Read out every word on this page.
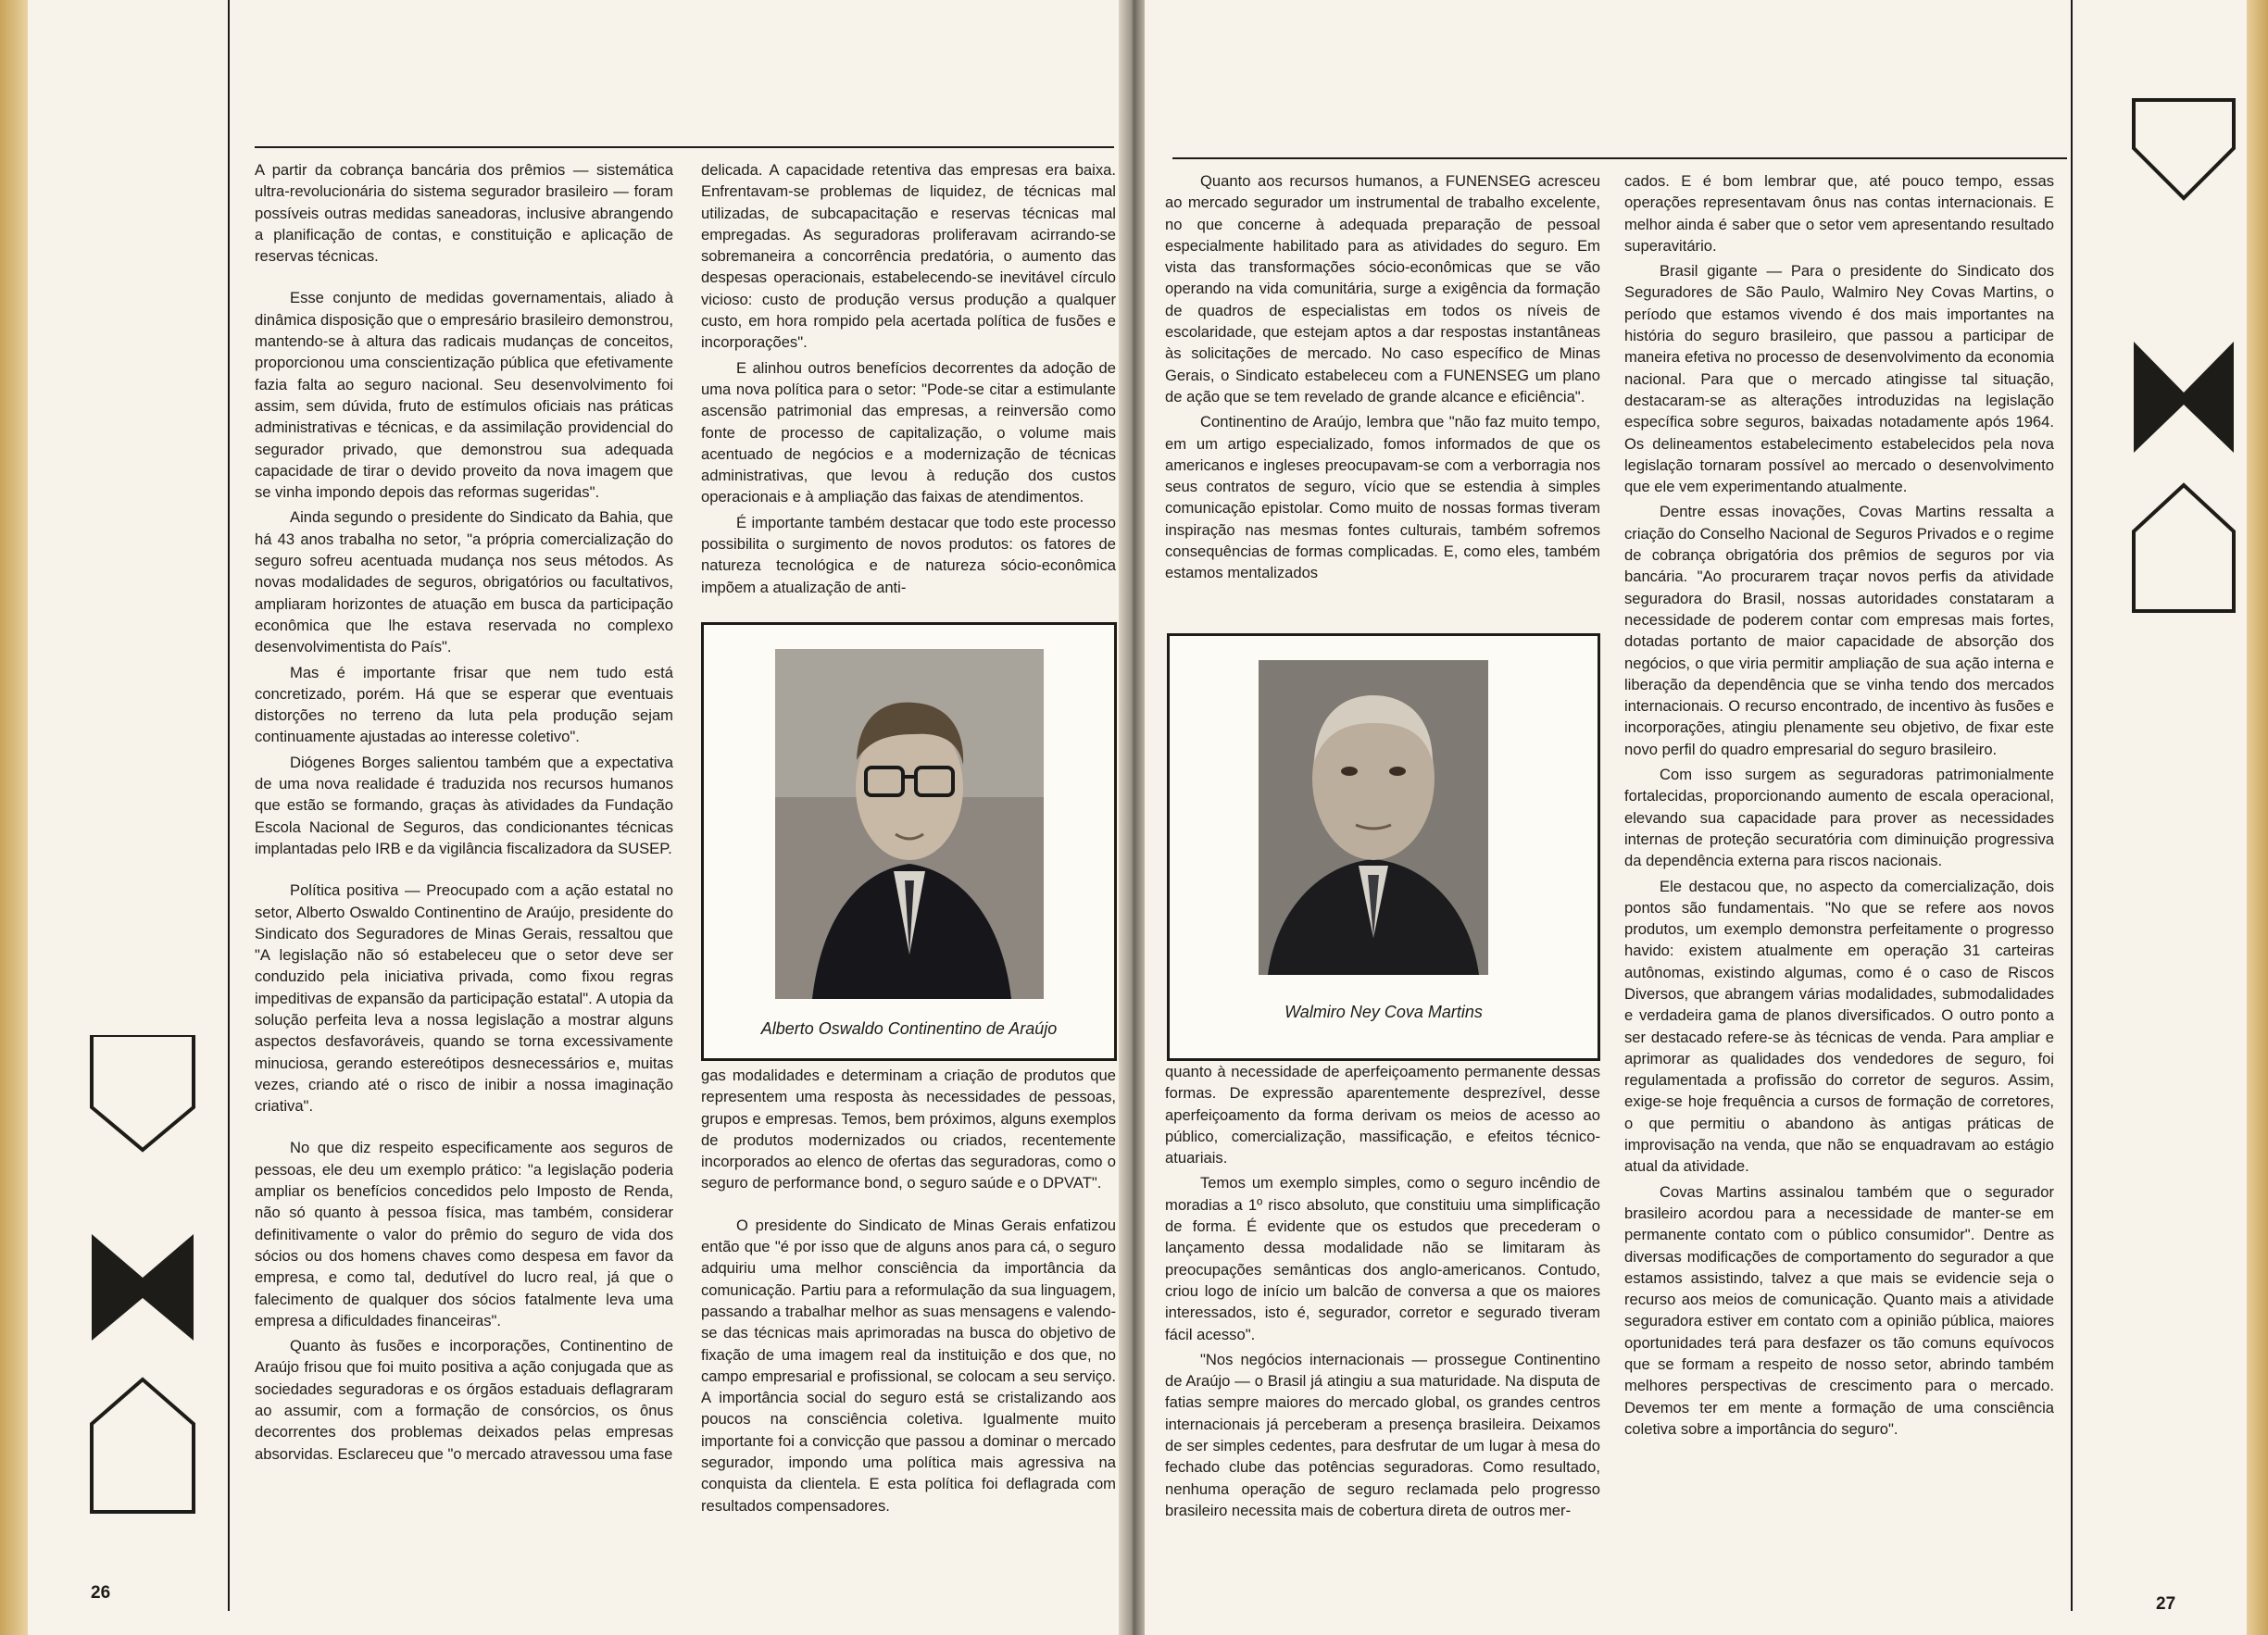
26

A partir da cobrança bancária dos prêmios — sistemática ultra-revolucionária do sistema segurador brasileiro — foram possíveis outras medidas saneadoras, inclusive abrangendo a planificação de contas, e constituição e aplicação de reservas técnicas.

Esse conjunto de medidas governamentais, aliado à dinâmica disposição que o empresário brasileiro demonstrou, mantendo-se à altura das radicais mudanças de conceitos, proporcionou uma conscientização pública que efetivamente fazia falta ao seguro nacional. Seu desenvolvimento foi assim, sem dúvida, fruto de estímulos oficiais nas práticas administrativas e técnicas, e da assimilação providencial do segurador privado, que demonstrou sua adequada capacidade de tirar o devido proveito da nova imagem que se vinha impondo depois das reformas sugeridas".

Ainda segundo o presidente do Sindicato da Bahia, que há 43 anos trabalha no setor, "a própria comercialização do seguro sofreu acentuada mudança nos seus métodos. As novas modalidades de seguros, obrigatórios ou facultativos, ampliaram horizontes de atuação em busca da participação econômica que lhe estava reservada no complexo desenvolvimentista do País".

Mas é importante frisar que nem tudo está concretizado, porém. Há que se esperar que eventuais distorções no terreno da luta pela produção sejam continuamente ajustadas ao interesse coletivo".

Diógenes Borges salientou também que a expectativa de uma nova realidade é traduzida nos recursos humanos que estão se formando, graças às atividades da Fundação Escola Nacional de Seguros, das condicionantes técnicas implantadas pelo IRB e da vigilância fiscalizadora da SUSEP.

Política positiva — Preocupado com a ação estatal no setor, Alberto Oswaldo Continentino de Araújo, presidente do Sindicato dos Seguradores de Minas Gerais, ressaltou que "A legislação não só estabeleceu que o setor deve ser conduzido pela iniciativa privada, como fixou regras impeditivas de expansão da participação estatal". A utopia da solução perfeita leva a nossa legislação a mostrar alguns aspectos desfavoráveis, quando se torna excessivamente minuciosa, gerando estereótipos desnecessários e, muitas vezes, criando até o risco de inibir a nossa imaginação criativa".

No que diz respeito especificamente aos seguros de pessoas, ele deu um exemplo prático: "a legislação poderia ampliar os benefícios concedidos pelo Imposto de Renda, não só quanto à pessoa física, mas também, considerar definitivamente o valor do prêmio do seguro de vida dos sócios ou dos homens chaves como despesa em favor da empresa, e como tal, dedutível do lucro real, já que o falecimento de qualquer dos sócios fatalmente leva uma empresa a dificuldades financeiras".

Quanto às fusões e incorporações, Continentino de Araújo frisou que foi muito positiva a ação conjugada que as sociedades seguradoras e os órgãos estaduais deflagraram ao assumir, com a formação de consórcios, os ônus decorrentes dos problemas deixados pelas empresas absorvidas. Esclareceu que "o mercado atravessou uma fase

delicada. A capacidade retentiva das empresas era baixa. Enfrentavam-se problemas de liquidez, de técnicas mal utilizadas, de subcapacitação e reservas técnicas mal empregadas. As seguradoras proliferavam acirrando-se sobremaneira a concorrência predatória, o aumento das despesas operacionais, estabelecendo-se inevitável círculo vicioso: custo de produção versus produção a qualquer custo, em hora rompido pela acertada política de fusões e incorporações".

E alinhou outros benefícios decorrentes da adoção de uma nova política para o setor: "Pode-se citar a estimulante ascensão patrimonial das empresas, a reinversão como fonte de processo de capitalização, o volume mais acentuado de negócios e a modernização de técnicas administrativas, que levou à redução dos custos operacionais e à ampliação das faixas de atendimentos.

É importante também destacar que todo este processo possibilita o surgimento de novos produtos: os fatores de natureza tecnológica e de natureza sócio-econômica impõem a atualização de anti-

Alberto Oswaldo Continentino de Araújo

gas modalidades e determinam a criação de produtos que representem uma resposta às necessidades de pessoas, grupos e empresas. Temos, bem próximos, alguns exemplos de produtos modernizados ou criados, recentemente incorporados ao elenco de ofertas das seguradoras, como o seguro de performance bond, o seguro saúde e o DPVAT".

O presidente do Sindicato de Minas Gerais enfatizou então que "é por isso que de alguns anos para cá, o seguro adquiriu uma melhor consciência da importância da comunicação. Partiu para a reformulação da sua linguagem, passando a trabalhar melhor as suas mensagens e valendo-se das técnicas mais aprimoradas na busca do objetivo de fixação de uma imagem real da instituição e dos que, no campo empresarial e profissional, se colocam a seu serviço. A importância social do seguro está se cristalizando aos poucos na consciência coletiva. Igualmente muito importante foi a convicção que passou a dominar o mercado segurador, impondo uma política mais agressiva na conquista da clientela. E esta política foi deflagrada com resultados compensadores.

27

Quanto aos recursos humanos, a FUNENSEG acresceu ao mercado segurador um instrumental de trabalho excelente, no que concerne à adequada preparação de pessoal especialmente habilitado para as atividades do seguro. Em vista das transformações sócio-econômicas que se vão operando na vida comunitária, surge a exigência da formação de quadros de especialistas em todos os níveis de escolaridade, que estejam aptos a dar respostas instantâneas às solicitações de mercado. No caso específico de Minas Gerais, o Sindicato estabeleceu com a FUNENSEG um plano de ação que se tem revelado de grande alcance e eficiência".

Continentino de Araújo, lembra que "não faz muito tempo, em um artigo especializado, fomos informados de que os americanos e ingleses preocupavam-se com a verborragia nos seus contratos de seguro, vício que se estendia à simples comunicação epistolar. Como muito de nossas formas tiveram inspiração nas mesmas fontes culturais, também sofremos consequências de formas complicadas. E, como eles, também estamos mentalizados

Walmiro Ney Cova Martins

quanto à necessidade de aperfeiçoamento permanente dessas formas. De expressão aparentemente desprezível, desse aperfeiçoamento da forma derivam os meios de acesso ao público, comercialização, massificação, e efeitos técnico-atuariais.

Temos um exemplo simples, como o seguro incêndio de moradias a 1º risco absoluto, que constituiu uma simplificação de forma. É evidente que os estudos que precederam o lançamento dessa modalidade não se limitaram às preocupações semânticas dos anglo-americanos. Contudo, criou logo de início um balcão de conversa a que os maiores interessados, isto é, segurador, corretor e segurado tiveram fácil acesso".

"Nos negócios internacionais — prossegue Continentino de Araújo — o Brasil já atingiu a sua maturidade. Na disputa de fatias sempre maiores do mercado global, os grandes centros internacionais já perceberam a presença brasileira. Deixamos de ser simples cedentes, para desfrutar de um lugar à mesa do fechado clube das potências seguradoras. Como resultado, nenhuma operação de seguro reclamada pelo progresso brasileiro necessita mais de cobertura direta de outros mer-

cados. E é bom lembrar que, até pouco tempo, essas operações representavam ônus nas contas internacionais. E melhor ainda é saber que o setor vem apresentando resultado superavitário.

Brasil gigante — Para o presidente do Sindicato dos Seguradores de São Paulo, Walmiro Ney Covas Martins, o período que estamos vivendo é dos mais importantes na história do seguro brasileiro, que passou a participar de maneira efetiva no processo de desenvolvimento da economia nacional. Para que o mercado atingisse tal situação, destacaram-se as alterações introduzidas na legislação específica sobre seguros, baixadas notadamente após 1964. Os delineamentos estabelecimento estabelecidos pela nova legislação tornaram possível ao mercado o desenvolvimento que ele vem experimentando atualmente.

Dentre essas inovações, Covas Martins ressalta a criação do Conselho Nacional de Seguros Privados e o regime de cobrança obrigatória dos prêmios de seguros por via bancária. "Ao procurarem traçar novos perfis da atividade seguradora do Brasil, nossas autoridades constataram a necessidade de poderem contar com empresas mais fortes, dotadas portanto de maior capacidade de absorção dos negócios, o que viria permitir ampliação de sua ação interna e liberação da dependência que se vinha tendo dos mercados internacionais. O recurso encontrado, de incentivo às fusões e incorporações, atingiu plenamente seu objetivo, de fixar este novo perfil do quadro empresarial do seguro brasileiro.

Com isso surgem as seguradoras patrimonialmente fortalecidas, proporcionando aumento de escala operacional, elevando sua capacidade para prover as necessidades internas de proteção securatória com diminuição progressiva da dependência externa para riscos nacionais.

Ele destacou que, no aspecto da comercialização, dois pontos são fundamentais. "No que se refere aos novos produtos, um exemplo demonstra perfeitamente o progresso havido: existem atualmente em operação 31 carteiras autônomas, existindo algumas, como é o caso de Riscos Diversos, que abrangem várias modalidades, submodalidades e verdadeira gama de planos diversificados. O outro ponto a ser destacado refere-se às técnicas de venda. Para ampliar e aprimorar as qualidades dos vendedores de seguro, foi regulamentada a profissão do corretor de seguros. Assim, exige-se hoje frequência a cursos de formação de corretores, o que permitiu o abandono às antigas práticas de improvisação na venda, que não se enquadravam ao estágio atual da atividade.

Covas Martins assinalou também que o segurador brasileiro acordou para a necessidade de manter-se em permanente contato com o público consumidor". Dentre as diversas modificações de comportamento do segurador a que estamos assistindo, talvez a que mais se evidencie seja o recurso aos meios de comunicação. Quanto mais a atividade seguradora estiver em contato com a opinião pública, maiores oportunidades terá para desfazer os tão comuns equívocos que se formam a respeito de nosso setor, abrindo também melhores perspectivas de crescimento para o mercado. Devemos ter em mente a formação de uma consciência coletiva sobre a importância do seguro".
